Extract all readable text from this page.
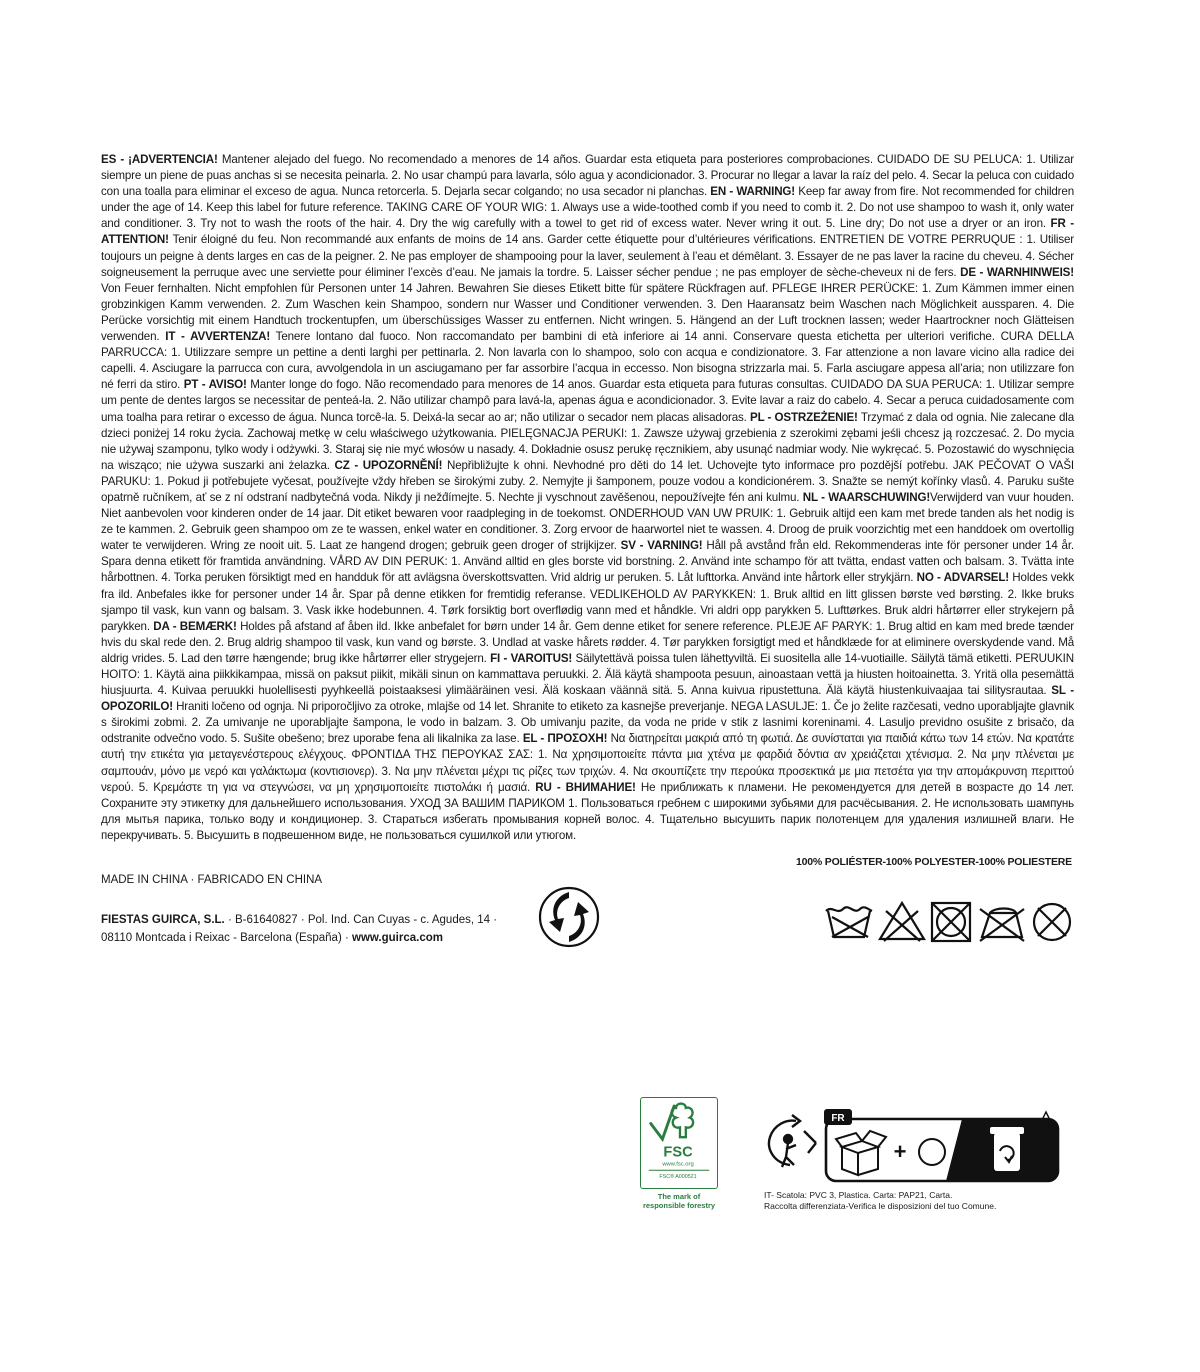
ES - ¡ADVERTENCIA! Mantener alejado del fuego. No recomendado a menores de 14 años. Guardar esta etiqueta para posteriores comprobaciones. CUIDADO DE SU PELUCA: 1. Utilizar siempre un piene de puas anchas si se necesita peinarla. 2. No usar champú para lavarla, sólo agua y acondicionador. 3. Procurar no llegar a lavar la raíz del pelo. 4. Secar la peluca con cuidado con una toalla para eliminar el exceso de agua. Nunca retorcerla. 5. Dejarla secar colgando; no usa secador ni planchas. EN - WARNING! Keep far away from fire. Not recommended for children under the age of 14. Keep this label for future reference. TAKING CARE OF YOUR WIG: 1. Always use a wide-toothed comb if you need to comb it. 2. Do not use shampoo to wash it, only water and conditioner. 3. Try not to wash the roots of the hair. 4. Dry the wig carefully with a towel to get rid of excess water. Never wring it out. 5. Line dry; Do not use a dryer or an iron. FR - ATTENTION! Tenir éloigné du feu. Non recommandé aux enfants de moins de 14 ans. Garder cette étiquette pour d’ultérieures vérifications. ENTRETIEN DE VOTRE PERRUQUE : 1. Utiliser toujours un peigne à dents larges en cas de la peigner. 2. Ne pas employer de shampooing pour la laver, seulement à l’eau et démêlant. 3. Essayer de ne pas laver la racine du cheveu. 4. Sécher soigneusement la perruque avec une serviette pour éliminer l’excès d’eau. Ne jamais la tordre. 5. Laisser sécher pendue ; ne pas employer de sèche-cheveux ni de fers. DE - WARNHINWEIS! Von Feuer fernhalten. Nicht empfohlen für Personen unter 14 Jahren. Bewahren Sie dieses Etikett bitte für spätere Rückfragen auf. PFLEGE IHRER PERÜCKE: 1. Zum Kämmen immer einen grobzinkigen Kamm verwenden. 2. Zum Waschen kein Shampoo, sondern nur Wasser und Conditioner verwenden. 3. Den Haaransatz beim Waschen nach Möglichkeit aussparen. 4. Die Perücke vorsichtig mit einem Handtuch trockentupfen, um überschüssiges Wasser zu entfernen. Nicht wringen. 5. Hängend an der Luft trocknen lassen; weder Haartrockner noch Glätteisen verwenden. IT - AVVERTENZA! Tenere lontano dal fuoco. Non raccomandato per bambini di età inferiore ai 14 anni. Conservare questa etichetta per ulteriori verifiche. CURA DELLA PARRUCCA: 1. Utilizzare sempre un pettine a denti larghi per pettinarla. 2. Non lavarla con lo shampoo, solo con acqua e condizionatore. 3. Far attenzione a non lavare vicino alla radice dei capelli. 4. Asciugare la parrucca con cura, avvolgendola in un asciugamano per far assorbire l’acqua in eccesso. Non bisogna strizzarla mai. 5. Farla asciugare appesa all’aria; non utilizzare fon né ferri da stiro. PT - AVISO! Manter longe do fogo. Não recomendado para menores de 14 anos. Guardar esta etiqueta para futuras consultas. CUIDADO DA SUA PERUCA: 1. Utilizar sempre um pente de dentes largos se necessitar de penteá-la. 2. Não utilizar champô para lavá-la, apenas água e acondicionador. 3. Evite lavar a raiz do cabelo. 4. Secar a peruca cuidadosamente com uma toalha para retirar o excesso de água. Nunca torcê-la. 5. Deixá-la secar ao ar; não utilizar o secador nem placas alisadoras. PL - OSTRZEŻENIE! Trzymać z dala od ognia. Nie zalecane dla dzieci poniżej 14 roku życia. Zachowaj metkę w celu właściwego użytkowania. PIELĘGNACJA PERUKI: 1. Zawsze używaj grzebienia z szerokimi zębami jeśli chcesz ją rozczesać. 2. Do mycia nie używaj szamponu, tylko wody i odżywki. 3. Staraj się nie myć włosów u nasady. 4. Dokładnie osusz perukę ręcznikiem, aby usunąć nadmiar wody. Nie wykręcać. 5. Pozostawić do wyschnięcia na wisząco; nie używa suszarki ani żelazka. CZ - UPOZORNĚNÍ! Nepřibližujte k ohni. Nevhodné pro děti do 14 let. Uchovejte tyto informace pro pozdější potřebu. JAK PEČOVAT O VAŠI PARUKU: 1. Pokud ji potřebujete vyčesat, používejte vždy hřeben se širokými zuby. 2. Nemyjte ji šamponem, pouze vodou a kondicionérem. 3. Snažte se nemýt kořínky vlasů. 4. Paruku sušte opatrně ručníkem, ať se z ní odstraní nadbytečná voda. Nikdy ji nežd́ímejte. 5. Nechte ji vyschnout zavěšenou, nepoužívejte fén ani kulmu. NL - WAARSCHUWING!Verwijderd van vuur houden. Niet aanbevolen voor kinderen onder de 14 jaar. Dit etiket bewaren voor raadpleging in de toekomst. ONDERHOUD VAN UW PRUIK: 1. Gebruik altijd een kam met brede tanden als het nodig is ze te kammen. 2. Gebruik geen shampoo om ze te wassen, enkel water en conditioner. 3. Zorg ervoor de haarwortel niet te wassen. 4. Droog de pruik voorzichtig met een handdoek om overtollig water te verwijderen. Wring ze nooit uit. 5. Laat ze hangend drogen; gebruik geen droger of strijkijzer. SV - VARNING! Håll på avstånd från eld. Rekommenderas inte för personer under 14 år. Spara denna etikett för framtida användning. VÅRD AV DIN PERUK: 1. Använd alltid en gles borste vid borstning. 2. Använd inte schampo för att tvätta, endast vatten och balsam. 3. Tvätta inte hårbottnen. 4. Torka peruken försiktigt med en handduk för att avlägsna överskottsvatten. Vrid aldrig ur peruken. 5. Låt lufttorka. Använd inte hårtork eller strykjärn. NO - ADVARSEL! Holdes vekk fra ild. Anbefales ikke for personer under 14 år. Spar på denne etikken for fremtidig referanse. VEDLIKEHOLD AV PARYKKEN: 1. Bruk alltid en litt glissen børste ved børsting. 2. Ikke bruks sjampo til vask, kun vann og balsam. 3. Vask ikke hodebunnen. 4. Tørk forsiktig bort overflødig vann med et håndkle. Vri aldri opp parykken 5. Lufttørkes. Bruk aldri hårtørrer eller strykejern på parykken. DA - BEMÆRK! Holdes på afstand af åben ild. Ikke anbefalet for børn under 14 år. Gem denne etiket for senere reference. PLEJE AF PARYK: 1. Brug altid en kam med brede tænder hvis du skal rede den. 2. Brug aldrig shampoo til vask, kun vand og børste. 3. Undlad at vaske hårets rødder. 4. Tør parykken forsigtigt med et håndklæde for at eliminere overskydende vand. Må aldrig vrides. 5. Lad den tørre hængende; brug ikke hårtørrer eller strygejern. FI - VAROITUS! Säilytettävä poissa tulen lähettyviltä. Ei suositella alle 14-vuotiaille. Säilytä tämä etiketti. PERUUKIN HOITO: 1. Käytä aina piikkikampaa, missä on paksut piikit, mikäli sinun on kammattava peruukki. 2. Älä käytä shampoota pesuun, ainoastaan vettä ja hiusten hoitoainetta. 3. Yritä olla pesemättä hiusjuurta. 4. Kuivaa peruukki huolellisesti pyyhkeellä poistaaksesi ylimääräinen vesi. Älä koskaan väännä sitä. 5. Anna kuivua ripustettuna. Älä käytä hiustenkuivaajaa tai silitysrautaa. SL - OPOZORILO! Hraniti ločeno od ognja. Ni priporočljivo za otroke, mlajše od 14 let. Shranite to etiketo za kasnejše preverjanje. NEGA LASULJE: 1. Če jo želite razčesati, vedno uporabljajte glavnik s širokimi zobmi. 2. Za umivanje ne uporabljajte šampona, le vodo in balzam. 3. Ob umivanju pazite, da voda ne pride v stik z lasnimi koreninami. 4. Lasuljo previdno osušite z brisačo, da odstranite odvečno vodo. 5. Sušite obešeno; brez uporabe fena ali likalnika za lase. EL - ΠΡΟΣΟΧΗ! Να διατηρείται μακριά από τη φωτιά. Δε συνίσταται για παιδιά κάτω των 14 ετών. Να κρατάτε αυτή την ετικέτα για μεταγενέστερους ελέγχους. ΦΡΟΝΤΙΔΑ ΤΗΣ ΠΕΡΟΥΚΑΣ ΣΑΣ: 1. Να χρησιμοποιείτε πάντα μια χτένα με φαρδιά δόντια αν χρειάζεται χτένισμα. 2. Να μην πλένεται με σαμπουάν, μόνο με νερό και γαλάκτωμα (κοντισιονερ). 3. Να μην πλένεται μέχρι τις ρίζες των τριχών. 4. Να σκουπίζετε την περούκα προσεκτικά με μια πετσέτα για την απομάκρυνση περιττού νερού. 5. Κρεμάστε τη για να στεγνώσει, να μη χρησιμοποιείτε πιστολάκι ή μασιά. RU - ВНИМАНИЕ! Не приближать к пламени. Не рекомендуется для детей в возрасте до 14 лет. Сохраните эту этикетку для дальнейшего использования. УХОД ЗА ВАШИМ ПАРИКОМ 1. Пользоваться гребнем с широкими зубьями для расчёсывания. 2. Не использовать шампунь для мытья парика, только воду и кондиционер. 3. Стараться избегать промывания корней волос. 4. Тщательно высушить парик полотенцем для удаления излишней влаги. Не перекручивать. 5. Высушить в подвешенном виде, не пользоваться сушилкой или утюгом.
100% POLIÉSTER-100% POLYESTER-100% POLIESTERE
MADE IN CHINA · FABRICADO EN CHINA
FIESTAS GUIRCA, S.L. · B-61640827 · Pol. Ind. Can Cuyas - c. Agudes, 14 ·
08110 Montcada i Reixac - Barcelona (España) · www.guirca.com
FSC
www.fsc.org
FSC® A000521
The mark of
responsible forestry
FR
+
21
PAP
3
PVC
IT- Scatola: PVC 3, Plastica. Carta: PAP21, Carta.
Raccolta differenziata-Verifica le disposizioni del tuo Comune.
